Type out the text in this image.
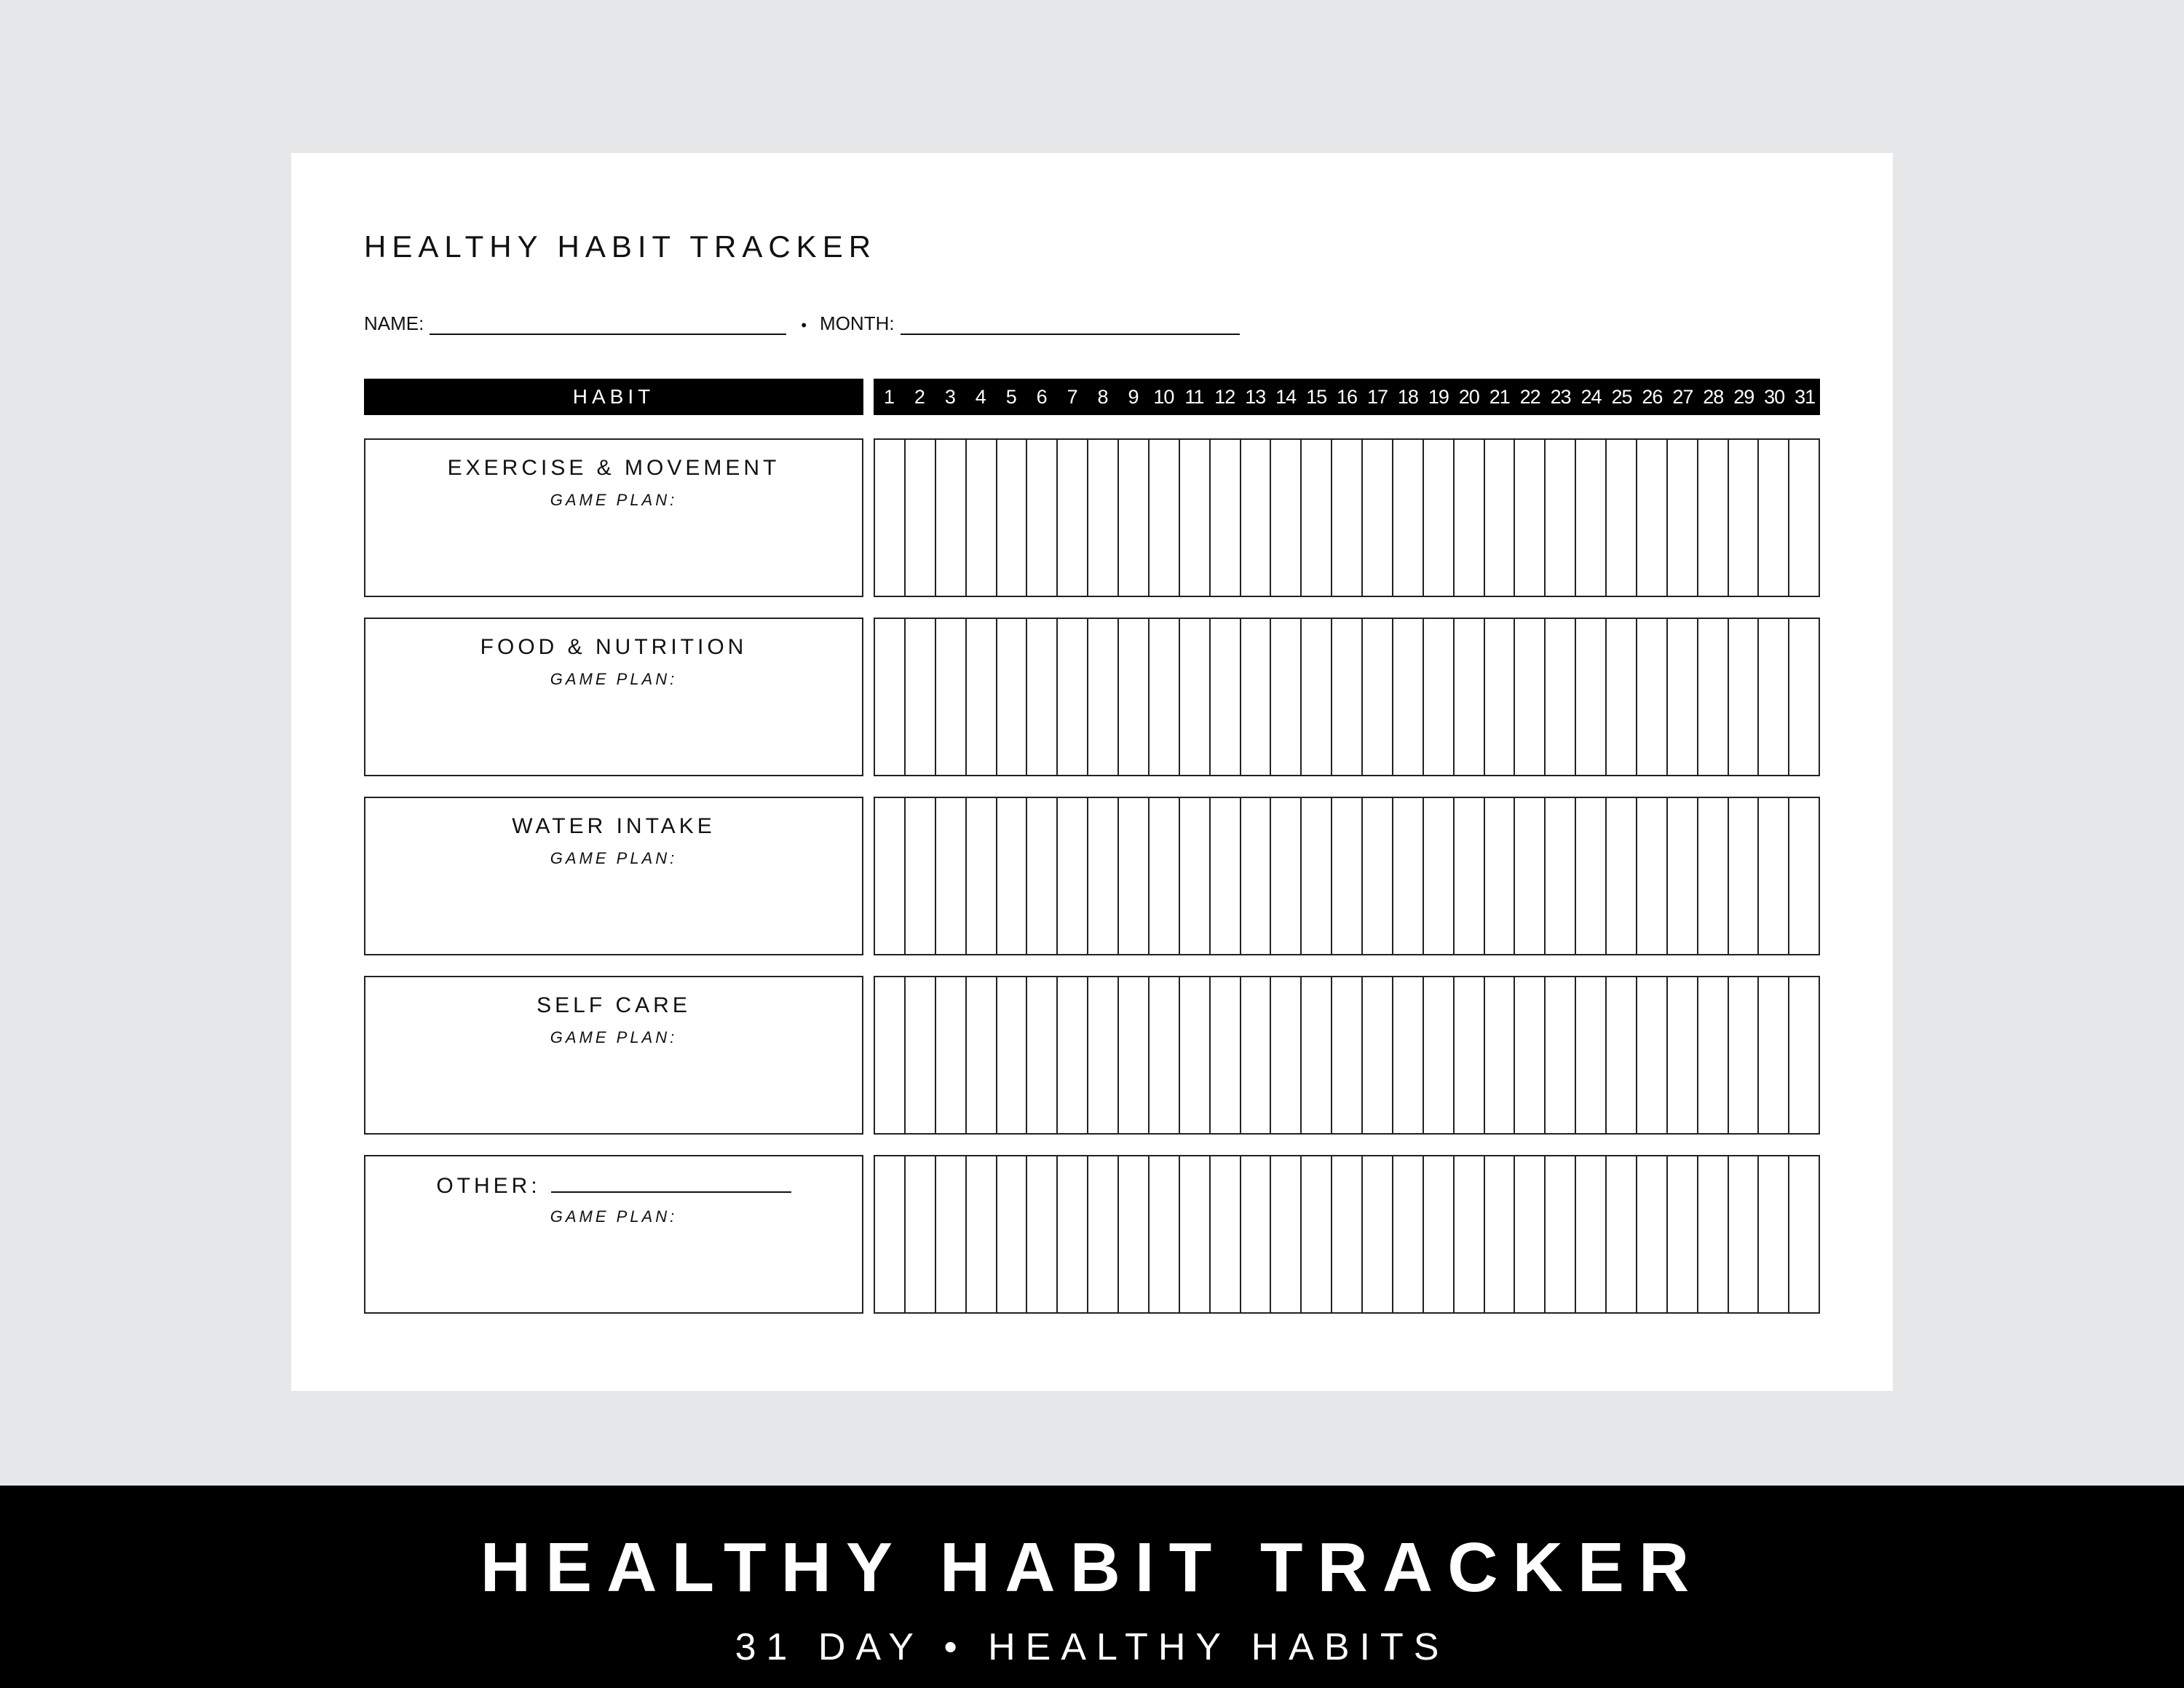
HEALTHY HABIT TRACKER
NAME:	• MONTH:
HABIT	1	2	3	4	5	6	7	8	9 10 11 12 13 14 15 16 17 18 19 20 21 22 23 24 25 26 27 28 29 30 31
EXERCISE & MOVEMENT
GAME PLAN:
FOOD & NUTRITION
GAME PLAN:
WATER INTAKE
GAME PLAN:
SELF CARE
GAME PLAN:
OTHER:
GAME PLAN:
HEALTHY HABIT TRACKER
31 DAY • HEALTHY HABITS
